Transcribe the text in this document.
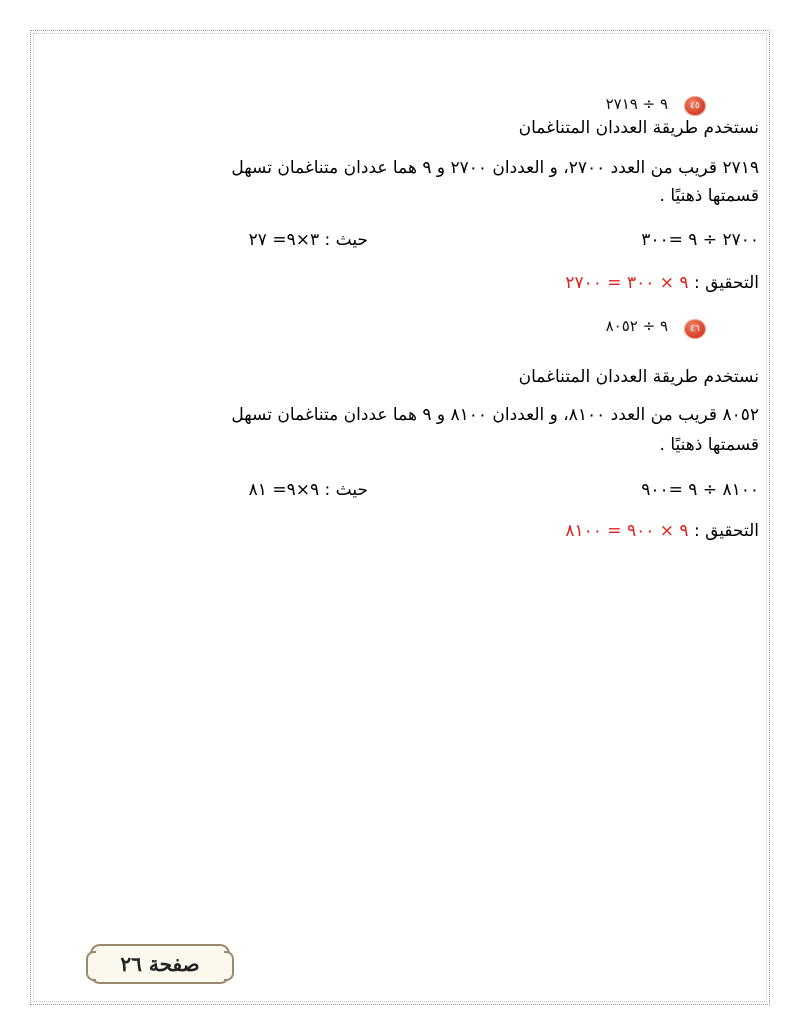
٤٥
٩ ÷ ٢٧١٩
نستخدم طريقة العددان المتناغمان
٢٧١٩ قريب من العدد ٢٧٠٠، و العددان ٢٧٠٠ و ٩ هما عددان متناغمان تسهل
قسمتها ذهنيًا .
٢٧٠٠ ÷ ٩ =٣٠٠
حيث : ٣×٩= ٢٧
التحقيق : ٩ × ٣٠٠ = ٢٧٠٠
٤٦
٩ ÷ ٨٠٥٢
نستخدم طريقة العددان المتناغمان
٨٠٥٢ قريب من العدد ٨١٠٠، و العددان ٨١٠٠ و ٩ هما عددان متناغمان تسهل
قسمتها ذهنيًا .
٨١٠٠ ÷ ٩ =٩٠٠
حيث : ٩×٩= ٨١
التحقيق : ٩ × ٩٠٠ = ٨١٠٠
صفحة ٢٦
